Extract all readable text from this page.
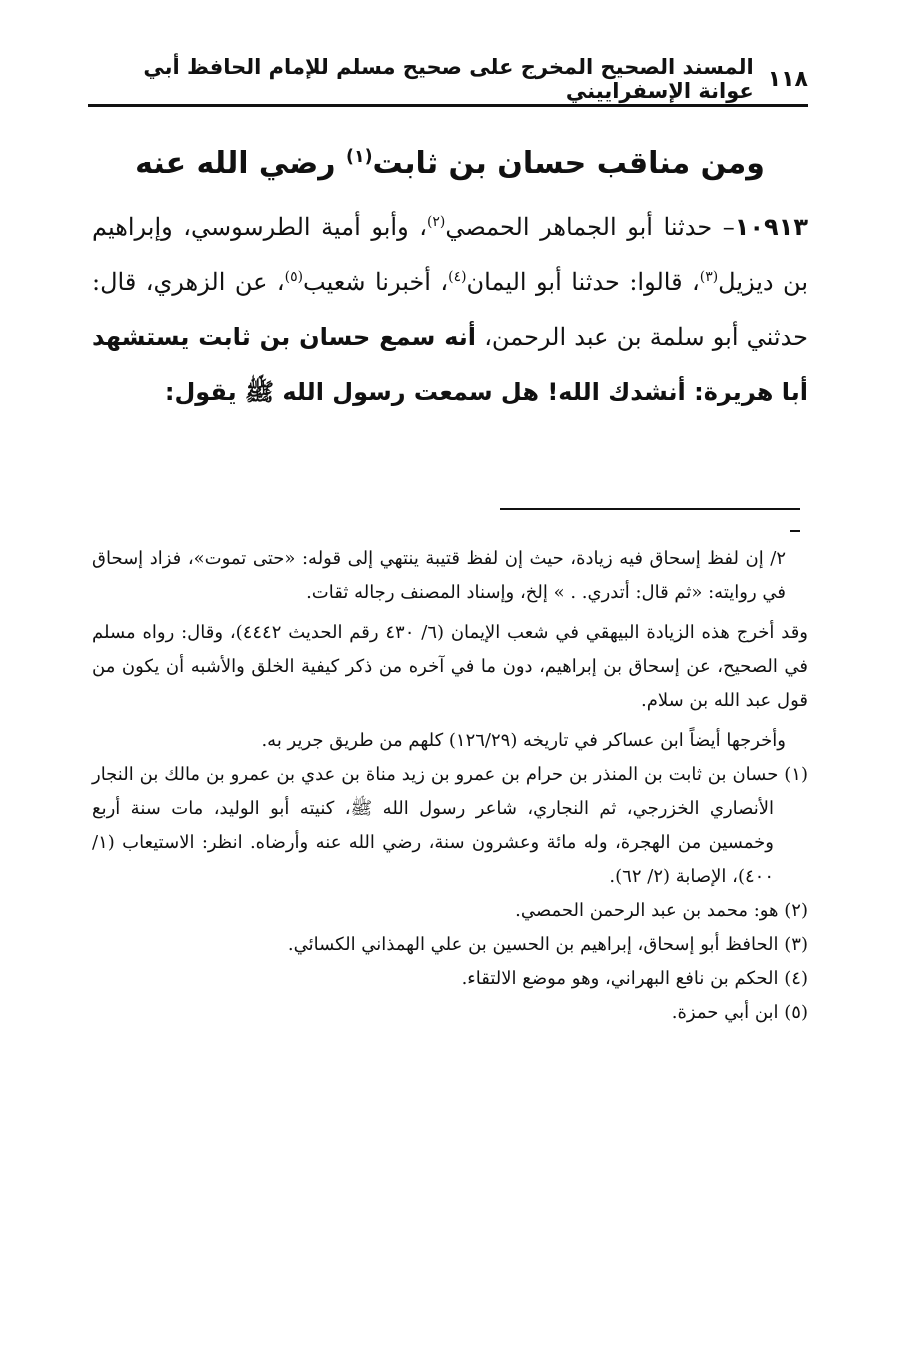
١١٨
المسند الصحيح المخرج على صحيح مسلم للإمام الحافظ أبي عوانة الإسفراييني
ومن مناقب حسان بن ثابت$^{(١)}$ رضي الله عنه
١٠٩١٣– حدثنا أبو الجماهر الحمصي$^{(٢)}$، وأبو أمية الطرسوسي، وإبراهيم بن ديزيل$^{(٣)}$، قالوا: حدثنا أبو اليمان$^{(٤)}$، أخبرنا شعيب$^{(٥)}$، عن الزهري، قال: حدثني أبو سلمة بن عبد الرحمن، أنه سمع حسان بن ثابت يستشهد أبا هريرة: أنشدك الله! هل سمعت رسول الله ﷺ يقول:

٢/ إن لفظ إسحاق فيه زيادة، حيث إن لفظ قتيبة ينتهي إلى قوله: «حتى تموت»، فزاد إسحاق في روايته: «ثم قال: أتدري. . » إلخ، وإسناد المصنف رجاله ثقات.

وقد أخرج هذه الزيادة البيهقي في شعب الإيمان (٦/ ٤٣٠ رقم الحديث ٤٤٤٢)، وقال: رواه مسلم في الصحيح، عن إسحاق بن إبراهيم، دون ما في آخره من ذكر كيفية الخلق والأشبه أن يكون من قول عبد الله بن سلام.

وأخرجها أيضاً ابن عساكر في تاريخه (١٢٦/٢٩) كلهم من طريق جرير به.

(١) حسان بن ثابت بن المنذر بن حرام بن عمرو بن زيد مناة بن عدي بن عمرو بن مالك بن النجار الأنصاري الخزرجي، ثم النجاري، شاعر رسول الله ﷺ، كنيته أبو الوليد، مات سنة أربع وخمسين من الهجرة، وله مائة وعشرون سنة، رضي الله عنه وأرضاه. انظر: الاستيعاب (١/ ٤٠٠)، الإصابة (٢/ ٦٢).

(٢) هو: محمد بن عبد الرحمن الحمصي.

(٣) الحافظ أبو إسحاق، إبراهيم بن الحسين بن علي الهمذاني الكسائي.

(٤) الحكم بن نافع البهراني، وهو موضع الالتقاء.

(٥) ابن أبي حمزة.
